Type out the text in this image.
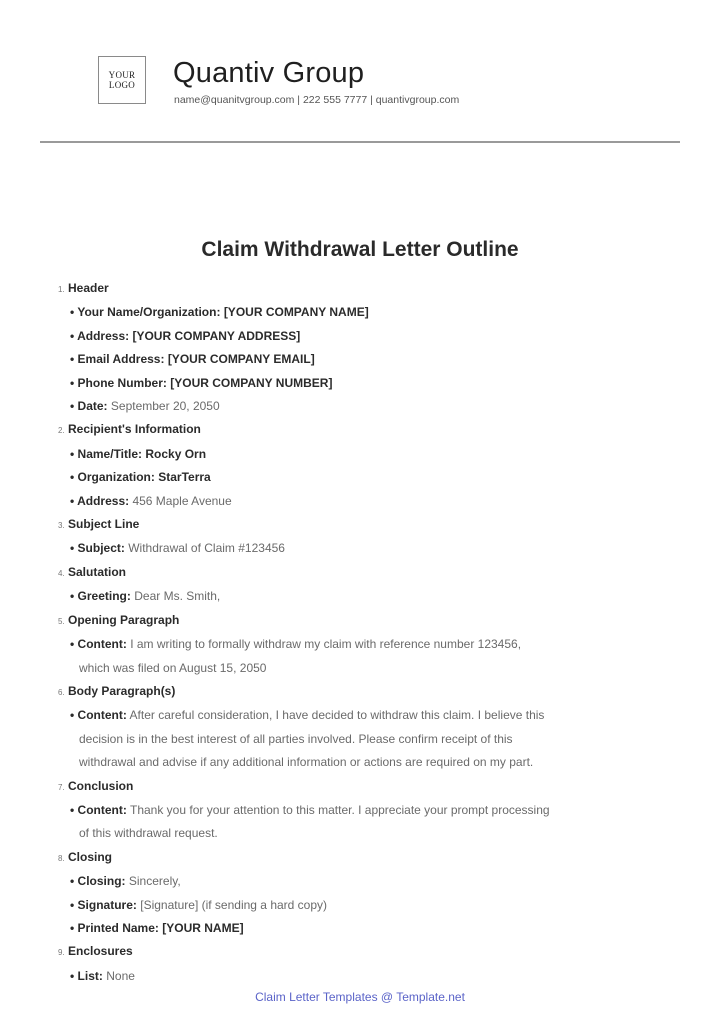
YOUR
LOGO Quantiv Group
name@quanitvgroup.com | 222 555 7777 | quantivgroup.com
Claim Withdrawal Letter Outline
1. Header
• Your Name/Organization: [YOUR COMPANY NAME]
• Address: [YOUR COMPANY ADDRESS]
• Email Address: [YOUR COMPANY EMAIL]
• Phone Number: [YOUR COMPANY NUMBER]
• Date: September 20, 2050
2. Recipient's Information
• Name/Title: Rocky Orn
• Organization: StarTerra
• Address: 456 Maple Avenue
3. Subject Line
• Subject: Withdrawal of Claim #123456
4. Salutation
• Greeting: Dear Ms. Smith,
5. Opening Paragraph
• Content: I am writing to formally withdraw my claim with reference number 123456,
which was filed on August 15, 2050
6. Body Paragraph(s)
• Content: After careful consideration, I have decided to withdraw this claim. I believe this
decision is in the best interest of all parties involved. Please confirm receipt of this
withdrawal and advise if any additional information or actions are required on my part.
7. Conclusion
• Content: Thank you for your attention to this matter. I appreciate your prompt processing
of this withdrawal request.
8. Closing
• Closing: Sincerely,
• Signature: [Signature] (if sending a hard copy)
• Printed Name: [YOUR NAME]
9. Enclosures
• List: None
Claim Letter Templates @ Template.net
